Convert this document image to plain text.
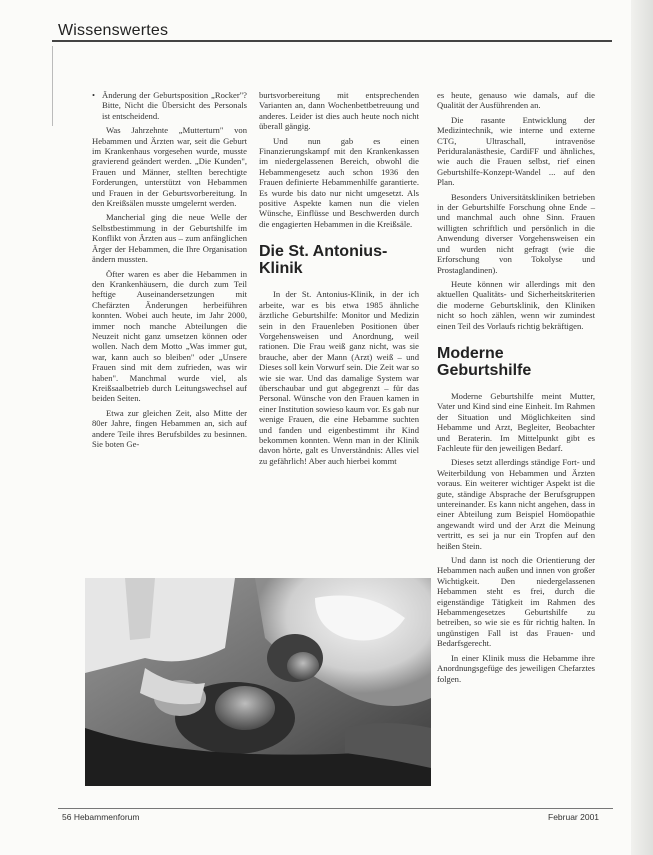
Wissenswertes

• Änderung der Geburtsposition „Rocker"? Bitte, Nicht die Übersicht des Personals ist entscheidend.

Was Jahrzehnte „Mutterturn" von Hebammen und Ärzten war, seit die Geburt im Krankenhaus vorgesehen wurde, musste gravierend geändert werden. „Die Kunden", Frauen und Männer, stellten berechtigte Forderungen, unterstützt von Hebammen und Frauen in der Geburtsvorbereitung. In den Kreißsälen musste umgelernt werden.

Mancherial ging die neue Welle der Selbstbestimmung in der Geburtshilfe im Konflikt von Ärzten aus – zum anfänglichen Ärger der Hebammen, die Ihre Organisation ändern mussten.

Öfter waren es aber die Hebammen in den Krankenhäusern, die durch zum Teil heftige Auseinandersetzungen mit Chefärzten Änderungen herbeiführen konnten. Wobei auch heute, im Jahr 2000, immer noch manche Abteilungen die Neuzeit nicht ganz umsetzen können oder wollen. Nach dem Motto „Was immer gut, war, kann auch so bleiben" oder „Unsere Frauen sind mit dem zufrieden, was wir haben". Manchmal wurde viel, als Kreißsaalbetrieb durch Leitungswechsel auf beiden Seiten.

Etwa zur gleichen Zeit, also Mitte der 80er Jahre, fingen Hebammen an, sich auf andere Teile ihres Berufsbildes zu besinnen. Sie boten Ge-

burtsvorbereitung mit entsprechenden Varianten an, dann Wochenbettbetreuung und anderes. Leider ist dies auch heute noch nicht überall gängig.

Und nun gab es einen Finanzierungskampf mit den Krankenkassen im niedergelassenen Bereich, obwohl die Hebammengesetz auch schon 1936 den Frauen definierte Hebammenhilfe garantierte. Es wurde bis dato nur nicht umgesetzt. Als positive Aspekte kamen nun die vielen Wünsche, Einflüsse und Beschwerden durch die engagierten Hebammen in die Kreißsäle.

Die St. Antonius-Klinik

In der St. Antonius-Klinik, in der ich arbeite, war es bis etwa 1985 ähnliche ärztliche Geburtshilfe: Monitor und Medizin sein in den Frauenleben Positionen über Vorgehensweisen und Anordnung, weil rationen. Die Frau weiß ganz nicht, was sie brauche, aber der Mann (Arzt) weiß – und Dieses soll kein Vorwurf sein. Die Zeit war so wie sie war. Und das damalige System war überschaubar und gut abgegrenzt – für das Personal. Wünsche von den Frauen kamen in einer Institution sowieso kaum vor. Es gab nur wenige Frauen, die eine Hebamme suchten und fanden und eigenbestimmt ihr Kind bekommen konnten. Wenn man in der Klinik davon hörte, galt es Unverständnis: Alles viel zu gefährlich! Aber auch hierbei kommt

es heute, genauso wie damals, auf die Qualität der Ausführenden an.

Die rasante Entwicklung der Medizintechnik, wie interne und externe CTG, Ultraschall, intravenöse Periduralanästhesie, CardiFF und ähnliches, wie auch die Frauen selbst, rief einen Geburtshilfe-Konzept-Wandel ... auf den Plan.

Besonders Universitätskliniken betrieben in der Geburtshilfe Forschung ohne Ende – und manchmal auch ohne Sinn. Frauen willigten schriftlich und persönlich in die Anwendung diverser Vorgehensweisen ein und wurden nicht gefragt (wie die Erforschung von Tokolyse und Prostaglandinen).

Heute können wir allerdings mit den aktuellen Qualitäts- und Sicherheitskriterien die moderne Geburtsklinik, den Kliniken nicht so hoch zählen, wenn wir zumindest einen Teil des Vorlaufs richtig bekräftigen.

Moderne Geburtshilfe

Moderne Geburtshilfe meint Mutter, Vater und Kind sind eine Einheit. Im Rahmen der Situation und Möglichkeiten sind Hebamme und Arzt, Begleiter, Beobachter und Beraterin. Im Mittelpunkt gibt es Fachleute für den jeweiligen Bedarf.

Dieses setzt allerdings ständige Fort- und Weiterbildung von Hebammen und Ärzten voraus. Ein weiterer wichtiger Aspekt ist die gute, ständige Absprache der Berufsgruppen untereinander. Es kann nicht angehen, dass in einer Abteilung zum Beispiel Homöopathie angewandt wird und der Arzt die Meinung vertritt, es sei ja nur ein Tropfen auf den heißen Stein.

Und dann ist noch die Orientierung der Hebammen nach außen und innen von großer Wichtigkeit. Den niedergelassenen Hebammen steht es frei, durch die eigenständige Tätigkeit im Rahmen des Hebammengesetzes Geburtshilfe zu betreiben, so wie sie es für richtig halten. In ungünstigen Fall ist das Frauen- und Bedarfsgerecht.

In einer Klinik muss die Hebamme ihre Anordnungsgefüge des jeweiligen Chefarztes folgen.

56 Hebammenforum	Februar 2001
